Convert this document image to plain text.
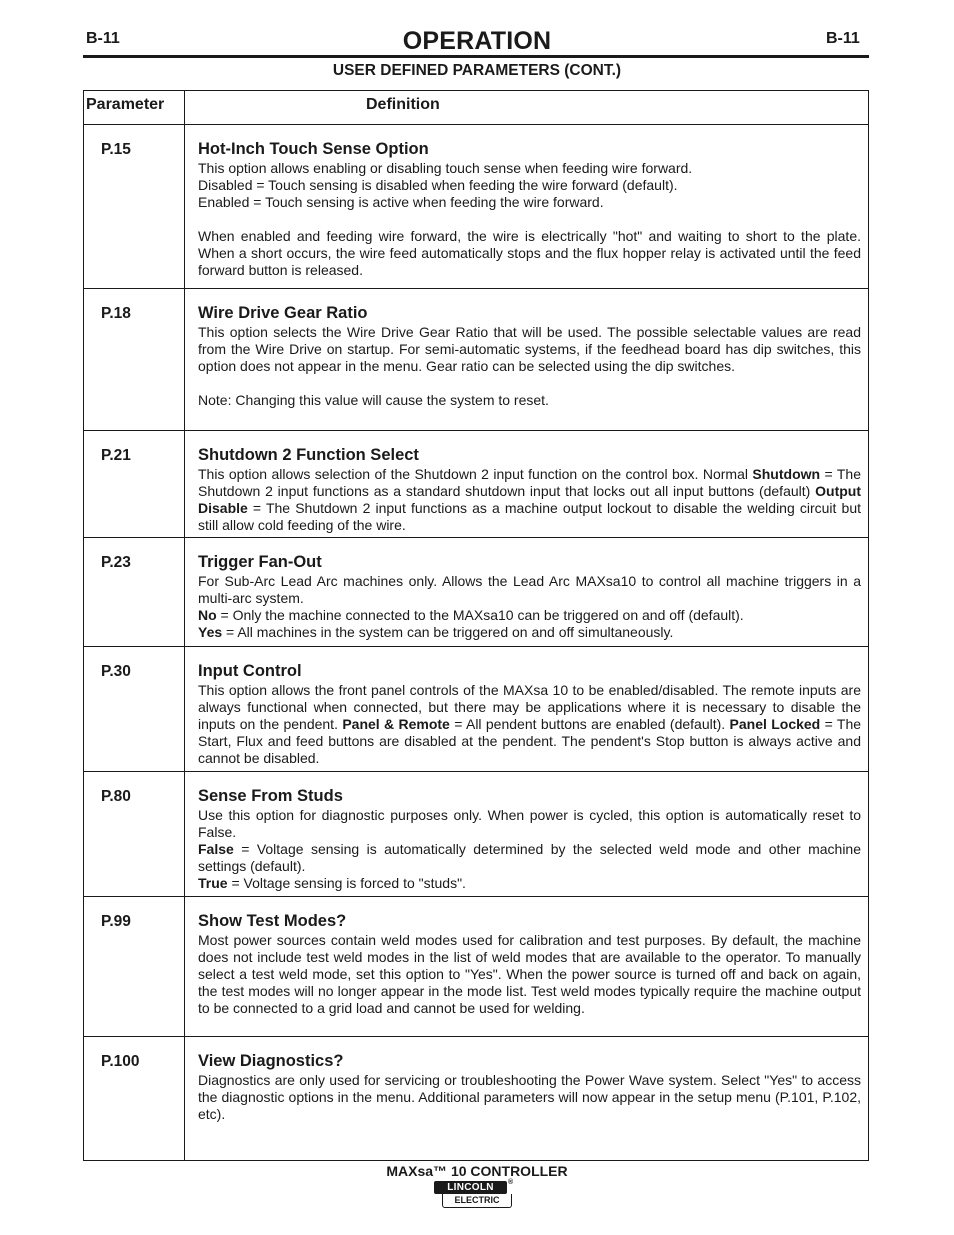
B-11	OPERATION	B-11
USER DEFINED PARAMETERS (CONT.)
Parameter	Definition
P.15	Hot-Inch Touch Sense Option

This option allows enabling or disabling touch sense when feeding wire forward.

Disabled = Touch sensing is disabled when feeding the wire forward (default).

Enabled = Touch sensing is active when feeding the wire forward.

When enabled and feeding wire forward, the wire is electrically "hot" and waiting to short to the plate. When a short occurs, the wire feed automatically stops and the flux hopper relay is activated until the feed forward button is released.

P.18	Wire Drive Gear Ratio

This option selects the Wire Drive Gear Ratio that will be used. The possible selectable values are read from the Wire Drive on startup. For semi-automatic systems, if the feedhead board has dip switches, this option does not appear in the menu. Gear ratio can be selected using the dip switches.

Note: Changing this value will cause the system to reset.

P.21	Shutdown 2 Function Select

This option allows selection of the Shutdown 2 input function on the control box. Normal Shutdown = The Shutdown 2 input functions as a standard shutdown input that locks out all input buttons (default) Output Disable = The Shutdown 2 input functions as a machine output lockout to disable the welding circuit but still allow cold feeding of the wire.

P.23	Trigger Fan-Out

For Sub-Arc Lead Arc machines only. Allows the Lead Arc MAXsa10 to control all machine triggers in a multi-arc system.

No = Only the machine connected to the MAXsa10 can be triggered on and off (default).

Yes = All machines in the system can be triggered on and off simultaneously.

P.30	Input Control

This option allows the front panel controls of the MAXsa 10 to be enabled/disabled. The remote inputs are always functional when connected, but there may be applications where it is necessary to disable the inputs on the pendent. Panel & Remote = All pendent buttons are enabled (default). Panel Locked = The Start, Flux and feed buttons are disabled at the pendent. The pendent's Stop button is always active and cannot be disabled.

P.80	Sense From Studs

Use this option for diagnostic purposes only. When power is cycled, this option is automatically reset to False.

False = Voltage sensing is automatically determined by the selected weld mode and other machine settings (default).

True = Voltage sensing is forced to "studs".

P.99	Show Test Modes?

Most power sources contain weld modes used for calibration and test purposes. By default, the machine does not include test weld modes in the list of weld modes that are available to the operator. To manually select a test weld mode, set this option to "Yes". When the power source is turned off and back on again, the test modes will no longer appear in the mode list. Test weld modes typically require the machine output to be connected to a grid load and cannot be used for welding.

P.100	View Diagnostics?

Diagnostics are only used for servicing or troubleshooting the Power Wave system. Select "Yes" to access the diagnostic options in the menu. Additional parameters will now appear in the setup menu (P.101, P.102, etc).

MAXsa™ 10 CONTROLLER
LINCOLN	®
ELECTRIC
